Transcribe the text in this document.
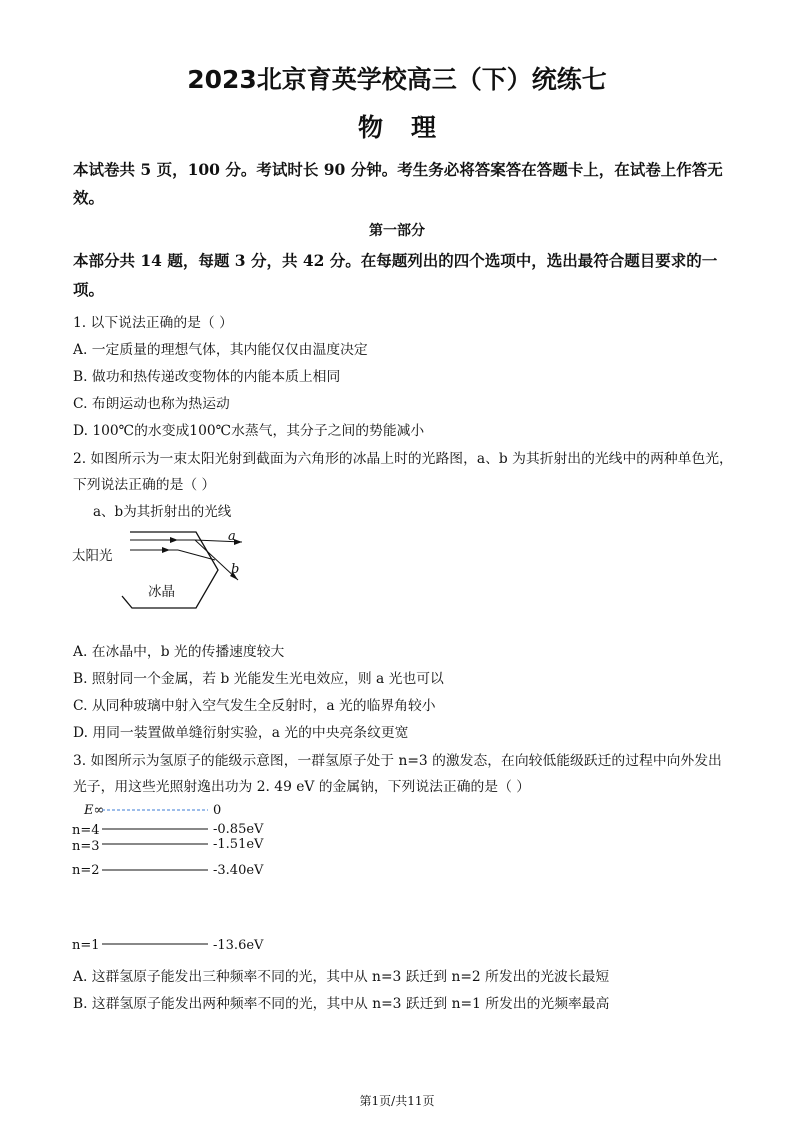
2023北京育英学校高三（下）统练七
物理
本试卷共 5 页，100 分。考试时长 90 分钟。考生务必将答案答在答题卡上，在试卷上作答无
效。
第一部分
本部分共 14 题，每题 3 分，共 42 分。在每题列出的四个选项中，选出最符合题目要求的一
项。
1. 以下说法正确的是（ ）
A. 一定质量的理想气体，其内能仅仅由温度决定
B. 做功和热传递改变物体的内能本质上相同
C. 布朗运动也称为热运动
D. 100℃的水变成100℃水蒸气，其分子之间的势能减小
2. 如图所示为一束太阳光射到截面为六角形的冰晶上时的光路图，a、b 为其折射出的光线中的两种单色光，
下列说法正确的是（ ）
a、b为其折射出的光线
太阳光
冰晶
a
b
A. 在冰晶中，b 光的传播速度较大
B. 照射同一个金属，若 b 光能发生光电效应，则 a 光也可以
C. 从同种玻璃中射入空气发生全反射时，a 光的临界角较小
D. 用同一装置做单缝衍射实验，a 光的中央亮条纹更宽
3. 如图所示为氢原子的能级示意图，一群氢原子处于 n=3 的激发态，在向较低能级跃迁的过程中向外发出
光子，用这些光照射逸出功为 2. 49 eV 的金属钠，下列说法正确的是（ ）
E∞	0
n=4	-0.85eV
n=3	-1.51eV
n=2	-3.40eV
n=1	-13.6eV
A. 这群氢原子能发出三种频率不同的光，其中从 n=3 跃迁到 n=2 所发出的光波长最短
B. 这群氢原子能发出两种频率不同的光，其中从 n=3 跃迁到 n=1 所发出的光频率最高
第1页/共11页
